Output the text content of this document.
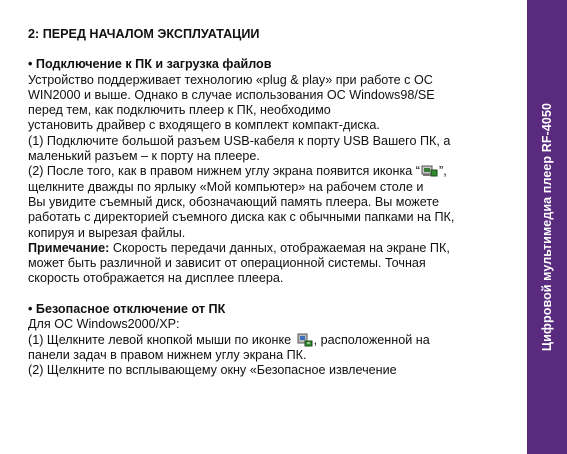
2: ПЕРЕД НАЧАЛОМ ЭКСПЛУАТАЦИИ
• Подключение к ПК и загрузка файлов
Устройство поддерживает технологию «plug & play» при работе с ОС
WIN2000 и выше. Однако в случае использования ОС Windows98/SE
перед тем, как подключить плеер к ПК, необходимо
установить драйвер с входящего в комплект компакт-диска.
(1) Подключите большой разъем USB-кабеля к порту USB Вашего ПК, а
маленький разъем – к порту на плеере.
(2) После того, как в правом нижнем углу экрана появится иконка “ ”,
щелкните дважды по ярлыку «Мой компьютер» на рабочем столе и
Вы увидите съемный диск, обозначающий память плеера. Вы можете
работать с директорией съемного диска как с обычными папками на ПК,
копируя и вырезая файлы.
Примечание: Скорость передачи данных, отображаемая на экране ПК,
может быть различной и зависит от операционной системы. Точная
скорость отображается на дисплее плеера.
• Безопасное отключение от ПК
Для ОС Windows2000/XP:
(1) Щелкните левой кнопкой мыши по иконке , расположенной на
панели задач в правом нижнем углу экрана ПК.
(2) Щелкните по всплывающему окну «Безопасное извлечение
Цифровой мультимедиа плеер RF-4050
